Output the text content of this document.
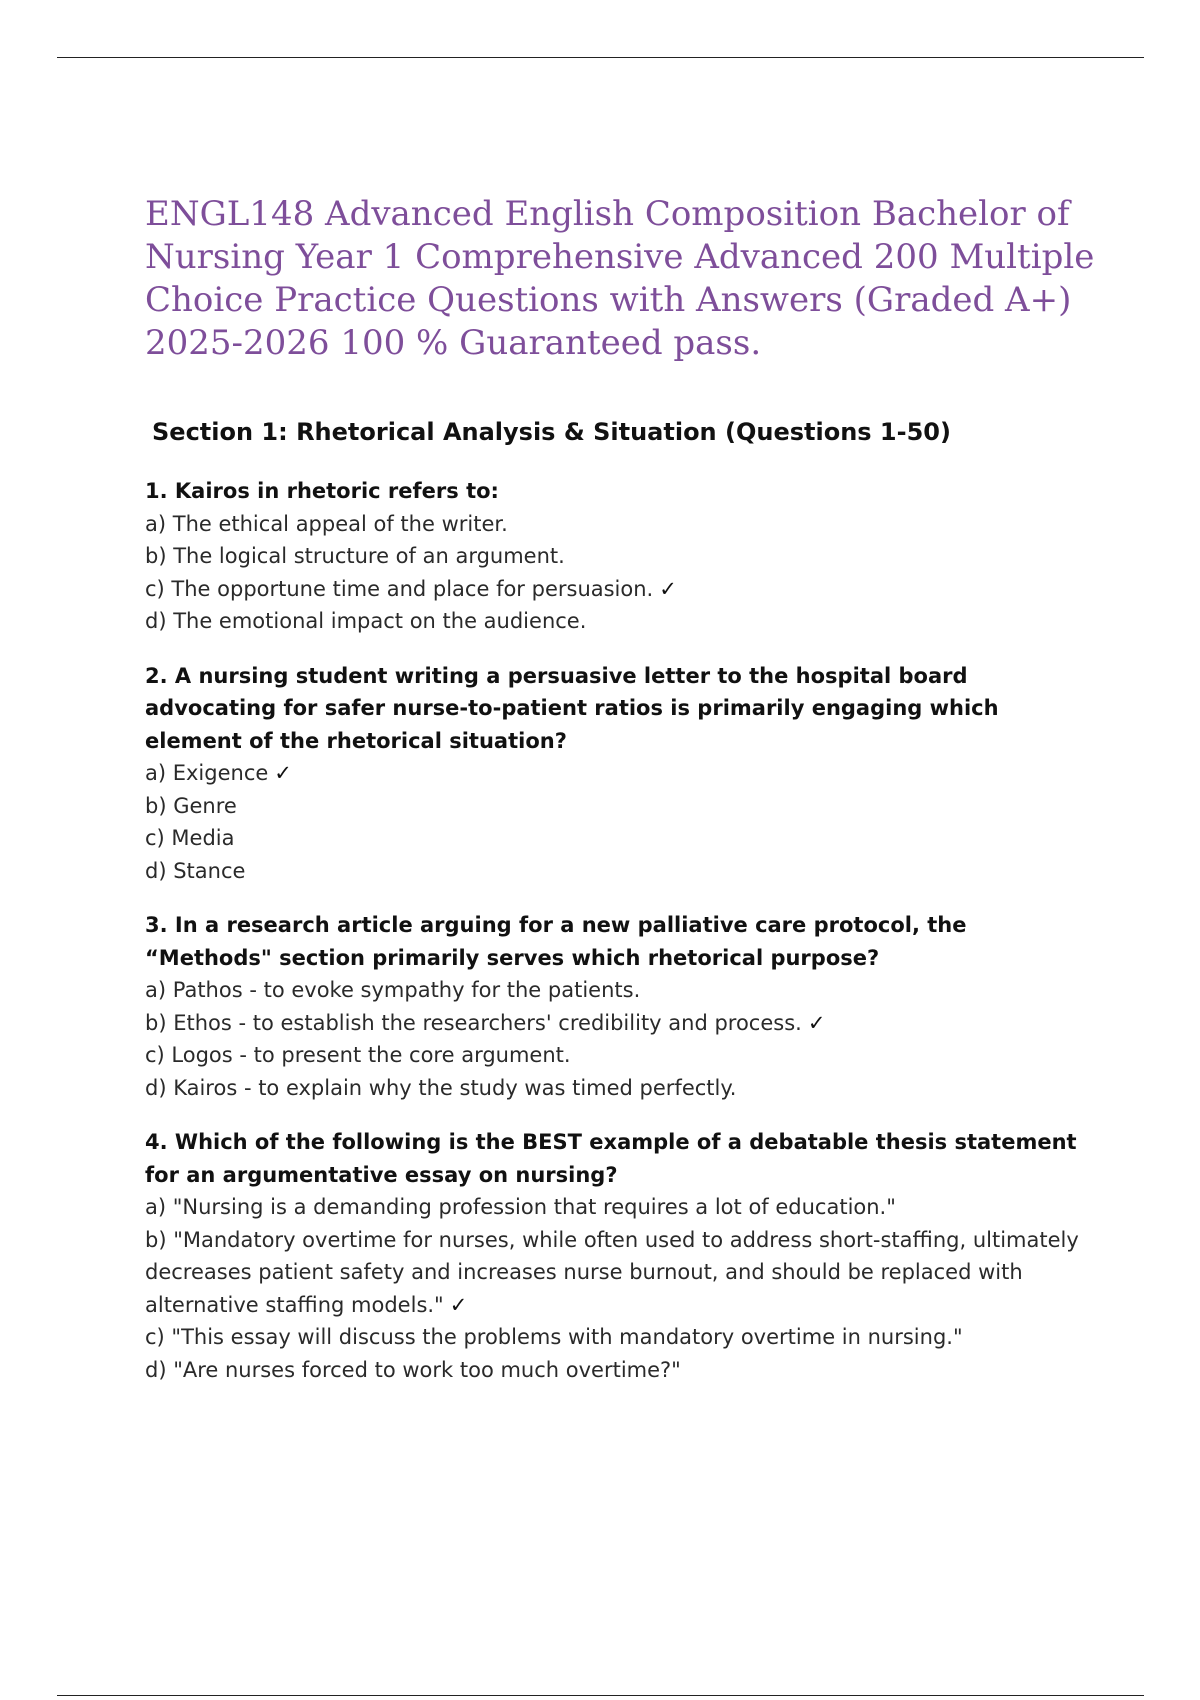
ENGL148 Advanced English Composition Bachelor of Nursing Year 1 Comprehensive Advanced 200 Multiple Choice Practice Questions with Answers (Graded A+) 2025-2026 100 % Guaranteed pass.
Section 1: Rhetorical Analysis & Situation (Questions 1-50)

1. Kairos in rhetoric refers to:

a) The ethical appeal of the writer.
b) The logical structure of an argument.
c) The opportune time and place for persuasion. ✓
d) The emotional impact on the audience.

2. A nursing student writing a persuasive letter to the hospital board advocating for safer nurse-to-patient ratios is primarily engaging which element of the rhetorical situation?

a) Exigence ✓
b) Genre
c) Media
d) Stance

3. In a research article arguing for a new palliative care protocol, the “Methods" section primarily serves which rhetorical purpose?

a) Pathos - to evoke sympathy for the patients.
b) Ethos - to establish the researchers' credibility and process. ✓
c) Logos - to present the core argument.
d) Kairos - to explain why the study was timed perfectly.

4. Which of the following is the BEST example of a debatable thesis statement for an argumentative essay on nursing?

a) "Nursing is a demanding profession that requires a lot of education."
b) "Mandatory overtime for nurses, while often used to address short-staffing, ultimately decreases patient safety and increases nurse burnout, and should be replaced with alternative staffing models." ✓
c) "This essay will discuss the problems with mandatory overtime in nursing."
d) "Are nurses forced to work too much overtime?"
